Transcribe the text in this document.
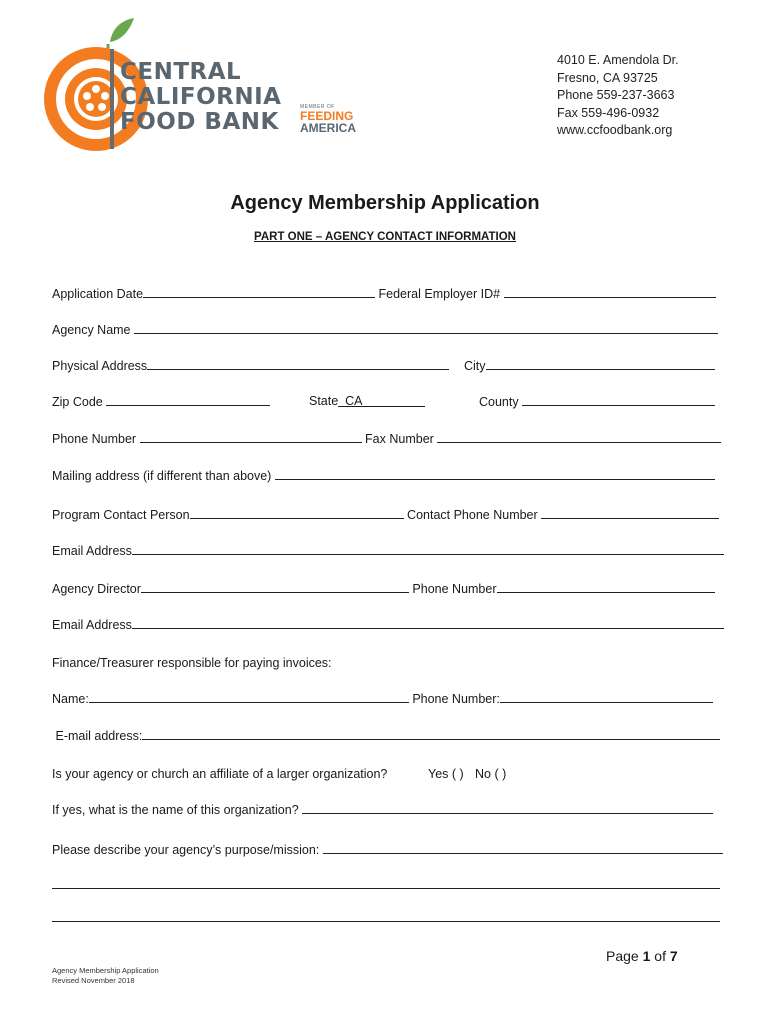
CENTRAL
CALIFORNIA
FOOD BANK
MEMBER OF
FEEDING
AMERICA
4010 E. Amendola Dr.
Fresno, CA 93725
Phone 559-237-3663
Fax 559-496-0932
www.ccfoodbank.org
Agency Membership Application
PART ONE – AGENCY CONTACT INFORMATION
Application Date	Federal Employer ID#
Agency Name
Physical Address	City
Zip Code	State CA	County
Phone Number	Fax Number
Mailing address (if different than above)
Program Contact Person	Contact Phone Number
Email Address
Agency Director	Phone Number
Email Address
Finance/Treasurer responsible for paying invoices:
Name:	Phone Number:
E-mail address:
Is your agency or church an affiliate of a larger organization?	Yes ( ) No ( )
If yes, what is the name of this organization?
Please describe your agency’s purpose/mission:
Page 1 of 7
Agency Membership Application
Revised November 2018
